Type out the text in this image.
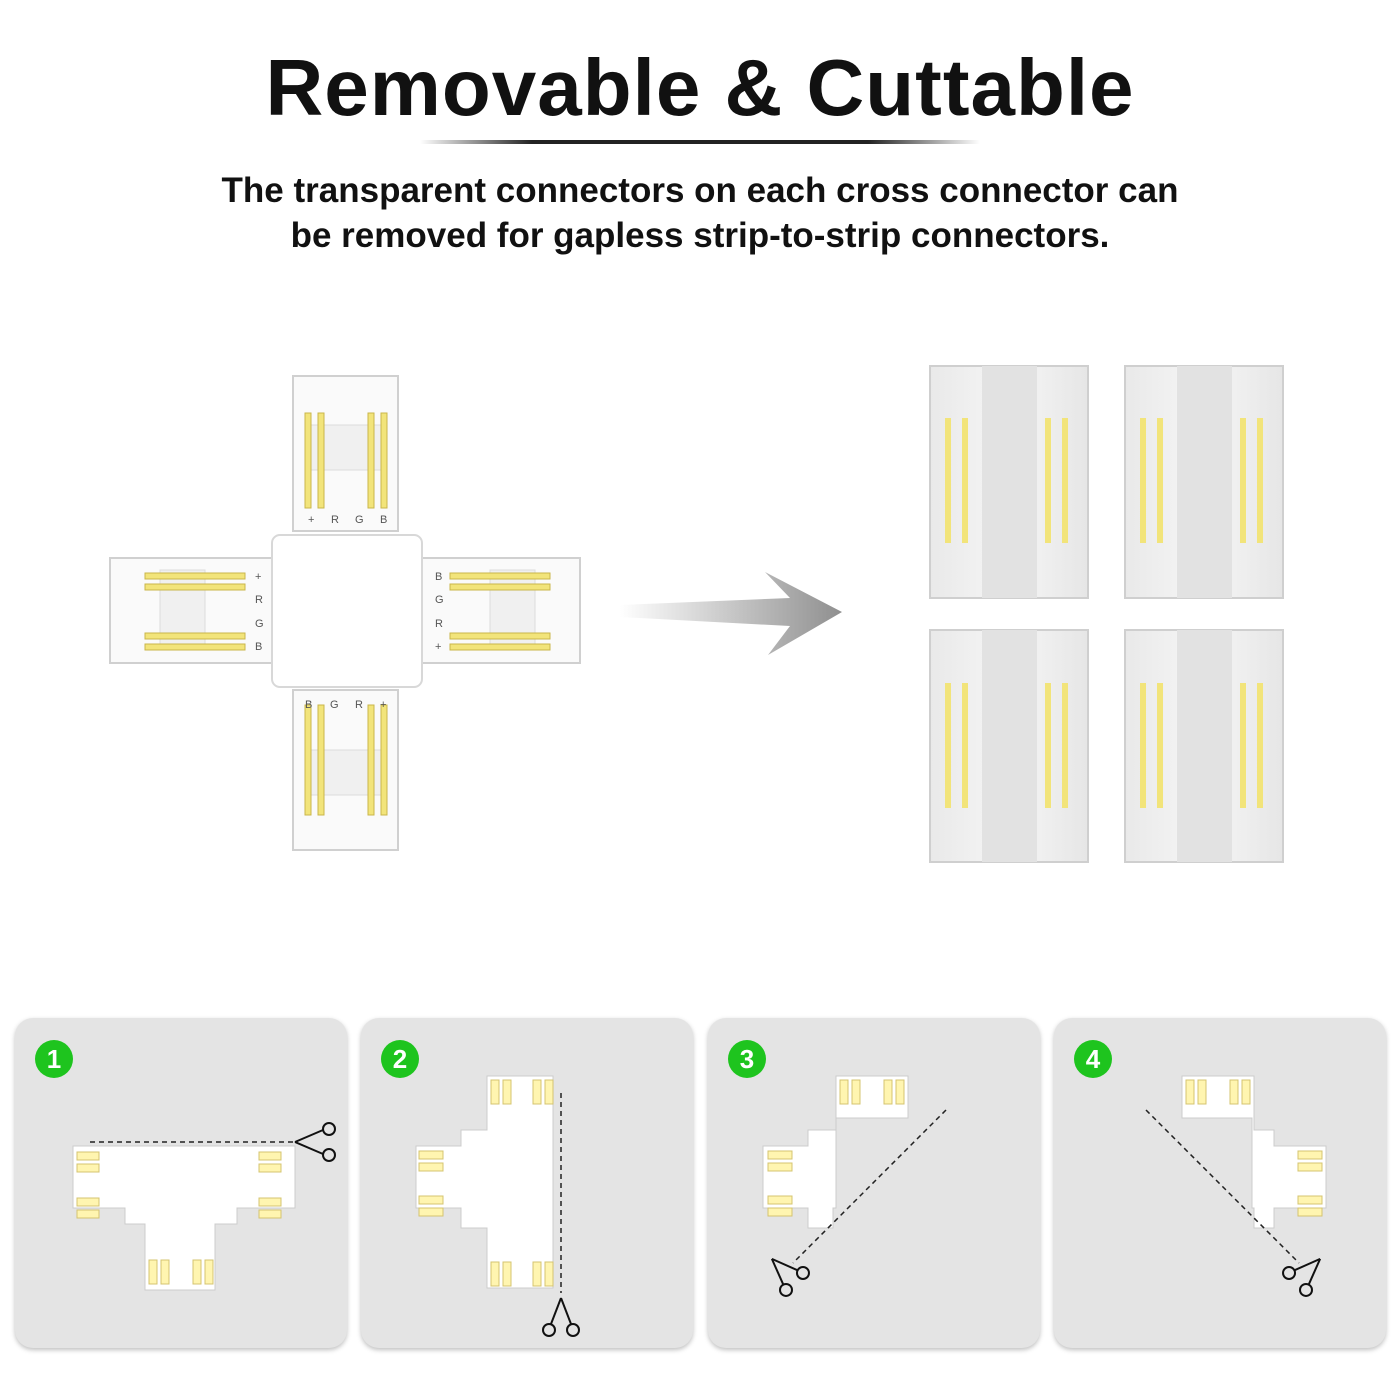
Removable & Cuttable
The transparent connectors on each cross connector can
be removed for gapless strip-to-strip connectors.
+ R G B
B G R +
+
R
G
B
B
G
R
+
1	2	3	4
